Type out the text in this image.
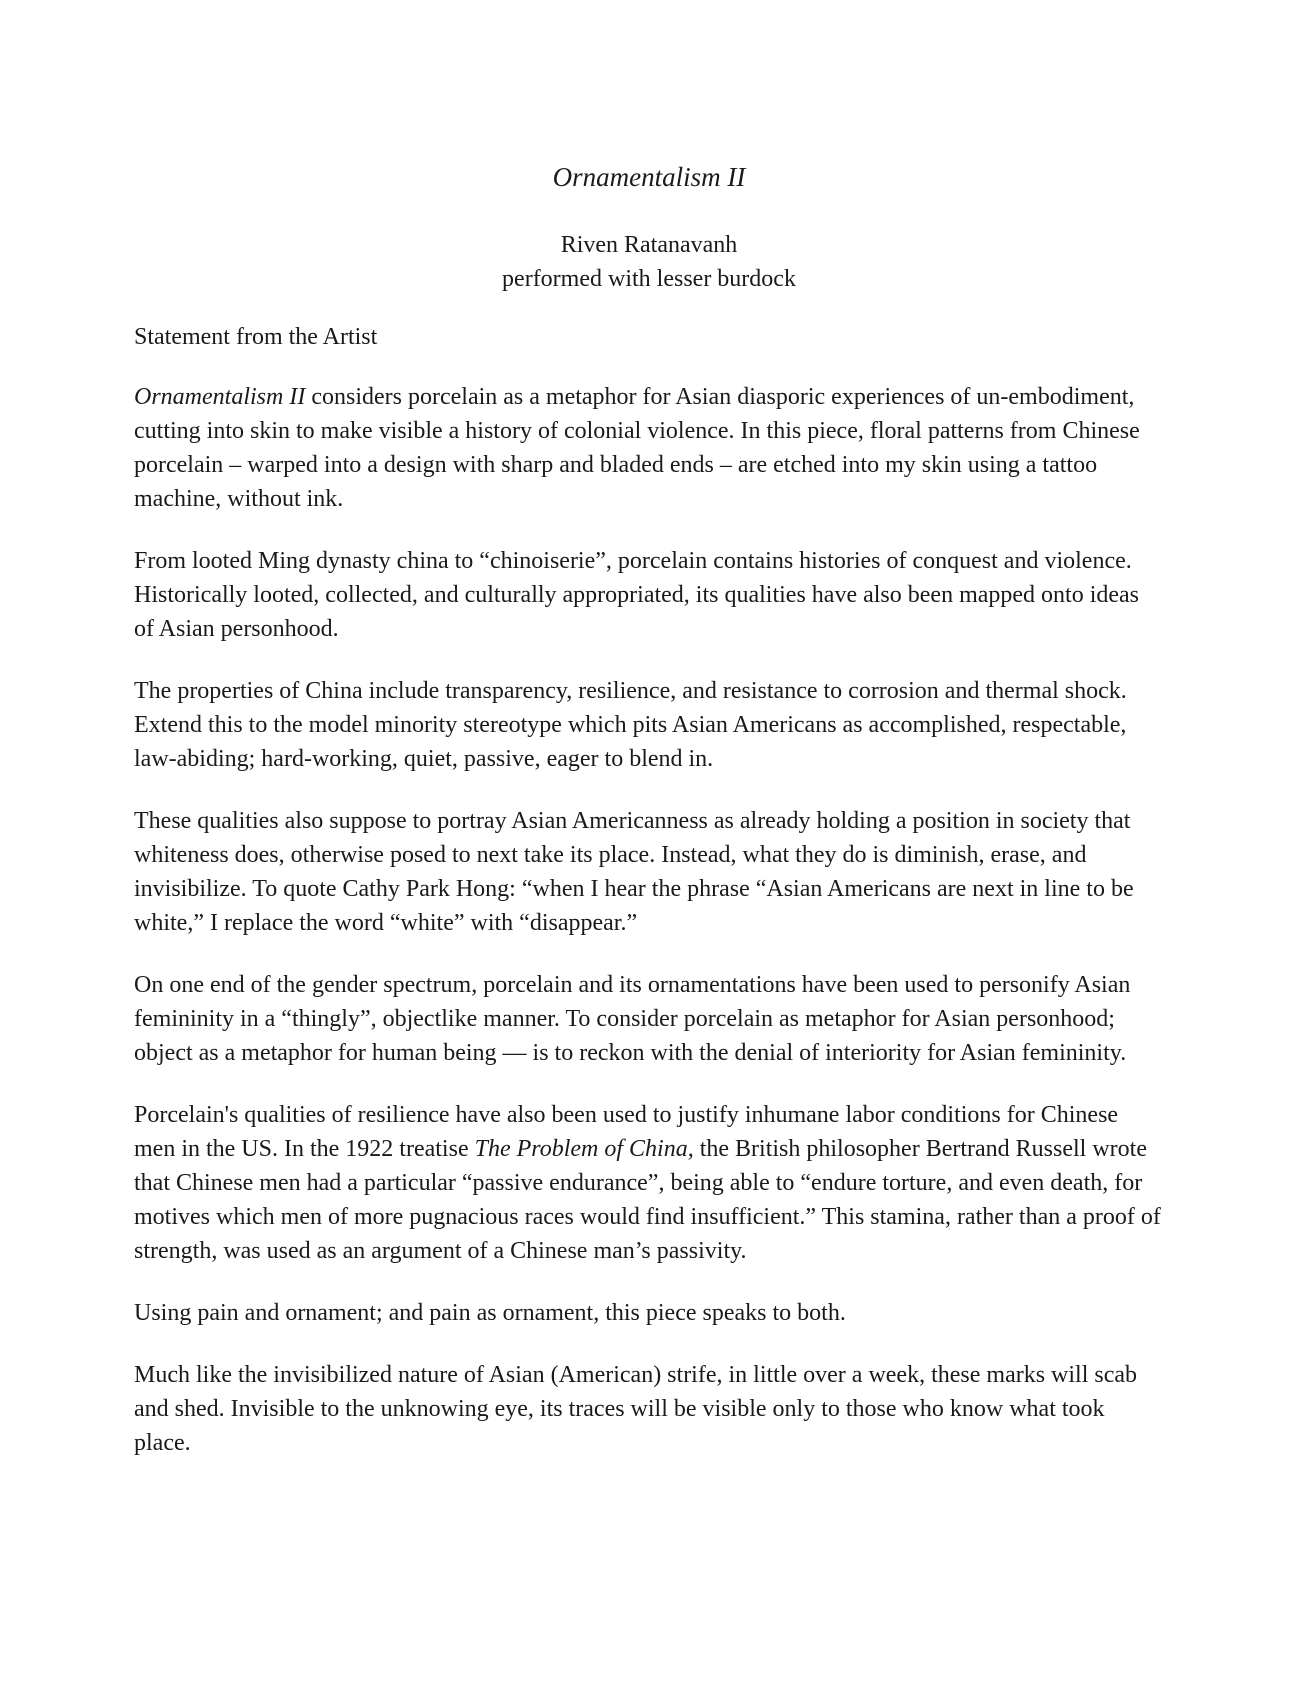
Ornamentalism II
Riven Ratanavanh
performed with lesser burdock

Statement from the Artist

Ornamentalism II considers porcelain as a metaphor for Asian diasporic experiences of un-embodiment, cutting into skin to make visible a history of colonial violence. In this piece, floral patterns from Chinese porcelain – warped into a design with sharp and bladed ends – are etched into my skin using a tattoo machine, without ink.

From looted Ming dynasty china to “chinoiserie”, porcelain contains histories of conquest and violence. Historically looted, collected, and culturally appropriated, its qualities have also been mapped onto ideas of Asian personhood.

The properties of China include transparency, resilience, and resistance to corrosion and thermal shock. Extend this to the model minority stereotype which pits Asian Americans as accomplished, respectable, law-abiding; hard-working, quiet, passive, eager to blend in.

These qualities also suppose to portray Asian Americanness as already holding a position in society that whiteness does, otherwise posed to next take its place. Instead, what they do is diminish, erase, and invisibilize. To quote Cathy Park Hong: “when I hear the phrase “Asian Americans are next in line to be white,” I replace the word “white” with “disappear.”

On one end of the gender spectrum, porcelain and its ornamentations have been used to personify Asian femininity in a “thingly”, objectlike manner. To consider porcelain as metaphor for Asian personhood; object as a metaphor for human being — is to reckon with the denial of interiority for Asian femininity.

Porcelain's qualities of resilience have also been used to justify inhumane labor conditions for Chinese men in the US. In the 1922 treatise The Problem of China, the British philosopher Bertrand Russell wrote that Chinese men had a particular “passive endurance”, being able to “endure torture, and even death, for motives which men of more pugnacious races would find insufficient.” This stamina, rather than a proof of strength, was used as an argument of a Chinese man’s passivity.

Using pain and ornament; and pain as ornament, this piece speaks to both.

Much like the invisibilized nature of Asian (American) strife, in little over a week, these marks will scab and shed. Invisible to the unknowing eye, its traces will be visible only to those who know what took place.
